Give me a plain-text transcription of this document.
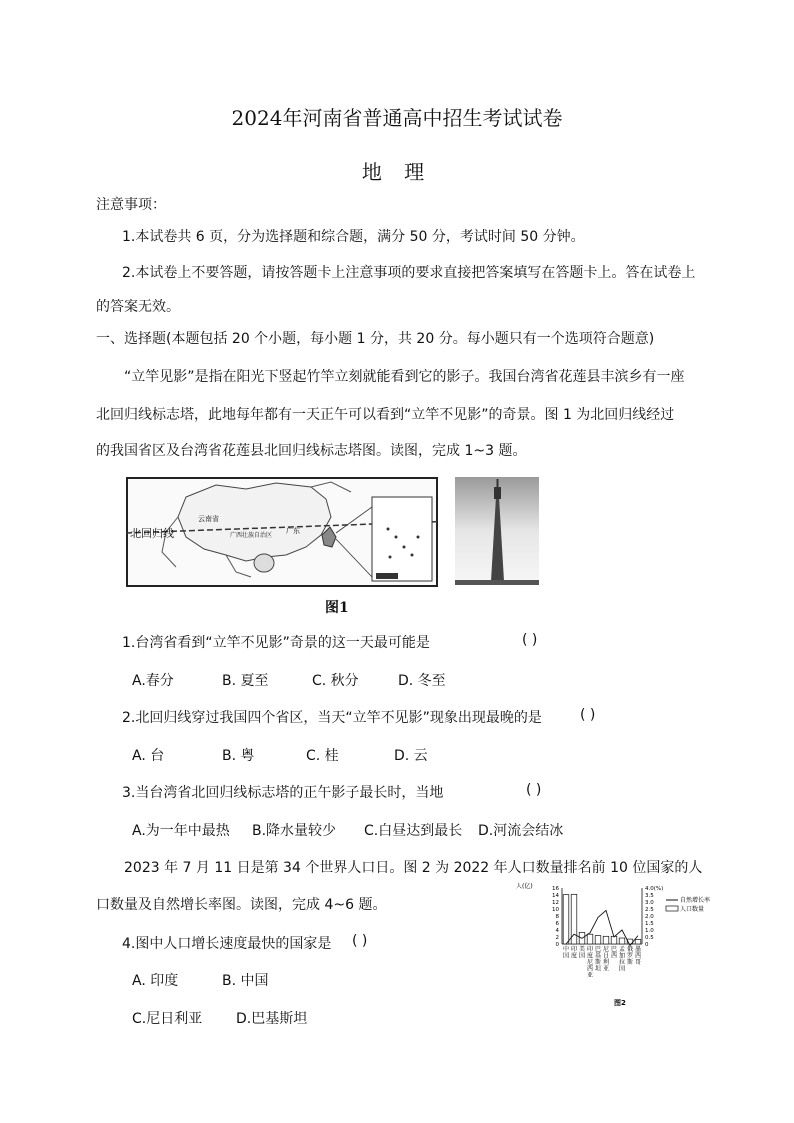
2024年河南省普通高中招生考试试卷
地 理
注意事项：
1.本试卷共 6 页，分为选择题和综合题，满分 50 分，考试时间 50 分钟。
2.本试卷上不要答题，请按答题卡上注意事项的要求直接把答案填写在答题卡上。答在试卷上
的答案无效。
一、选择题(本题包括 20 个小题，每小题 1 分，共 20 分。每小题只有一个选项符合题意)
“立竿见影”是指在阳光下竖起竹竿立刻就能看到它的影子。我国台湾省花莲县丰滨乡有一座
北回归线标志塔，此地每年都有一天正午可以看到“立竿不见影”的奇景。图 1 为北回归线经过
的我国省区及台湾省花莲县北回归线标志塔图。读图，完成 1~3 题。
北回归线
云南省
广西壮族自治区
广东
图1
1.台湾省看到“立竿不见影”奇景的这一天最可能是	( )
A.春分	B. 夏至	C. 秋分	D. 冬至
2.北回归线穿过我国四个省区，当天“立竿不见影”现象出现最晚的是	( )
A. 台	B. 粤	C. 桂	D. 云
3.当台湾省北回归线标志塔的正午影子最长时，当地	( )
A.为一年中最热 B.降水量较少 C.白昼达到最长 D.河流会结冰
2023 年 7 月 11 日是第 34 个世界人口日。图 2 为 2022 年人口数量排名前 10 位国家的人
口数量及自然增长率图。读图，完成 4~6 题。
4.图中人口增长速度最快的国家是 ( )
A. 印度	B. 中国
C.尼日利亚 D.巴基斯坦
人(亿)
0
2
4
6
8
10
12
14
16
0
0.5
1.0
1.5
2.0
2.5
3.0
3.5
4.0(%)
中国
印度
美国
印度尼西亚
巴基斯坦
尼日利亚
巴西
孟加拉国
俄罗斯
墨西哥
自然增长率
人口数量
图2
